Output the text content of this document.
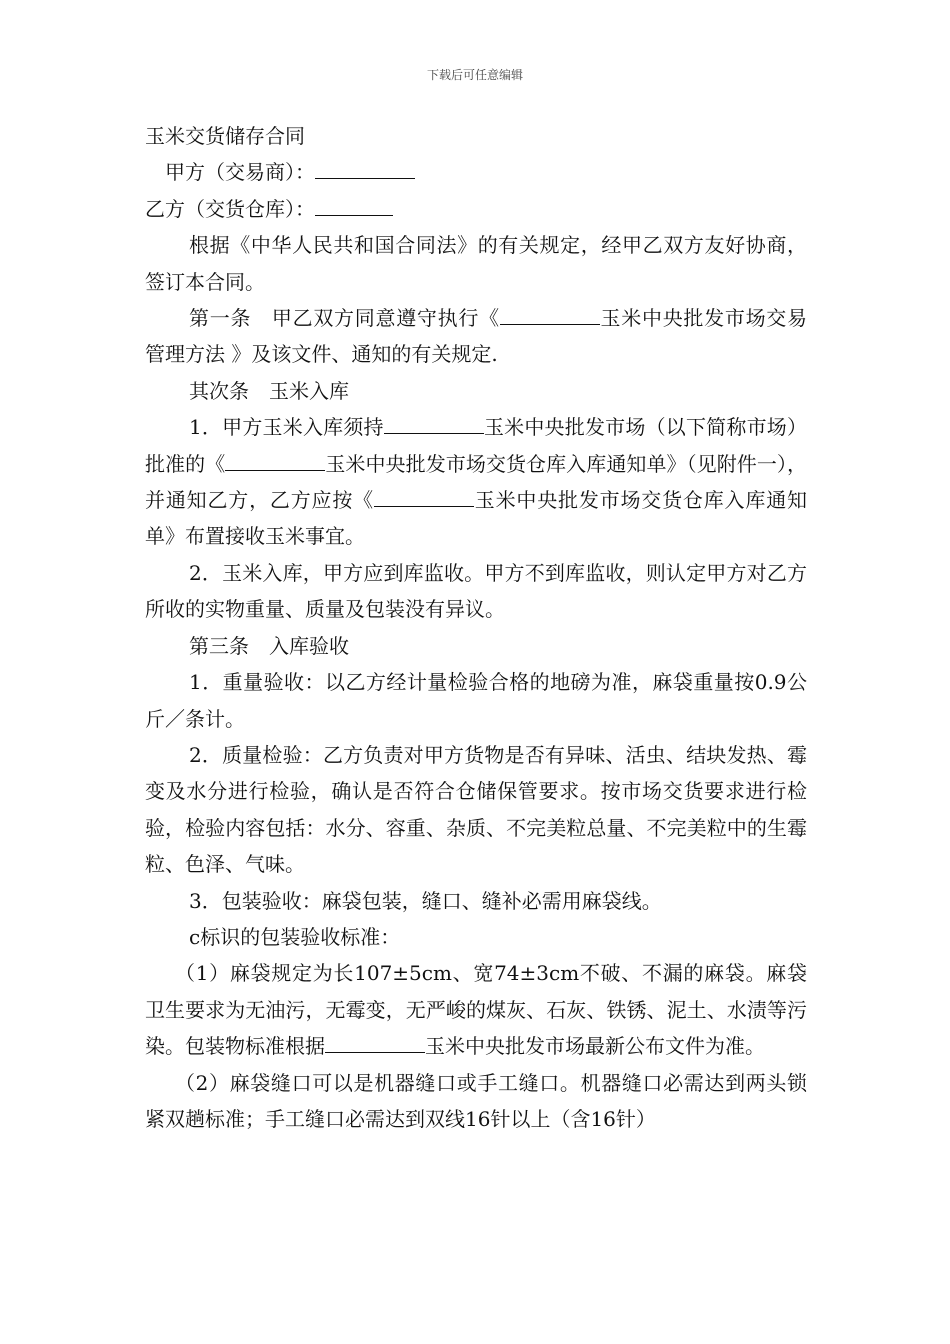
下载后可任意编辑

玉米交货储存合同

甲方（交易商）：

乙方（交货仓库）：

根据《中华人民共和国合同法》的有关规定，经甲乙双方友好协商，签订本合同。

第一条　甲乙双方同意遵守执行《	玉米中央批发市场交易管理方法 》及该文件、通知的有关规定.

其次条　玉米入库

1．甲方玉米入库须持	玉米中央批发市场（以下简称市场）批准的《	玉米中央批发市场交货仓库入库通知单》（见附件一），并通知乙方，乙方应按《	玉米中央批发市场交货仓库入库通知单》布置接收玉米事宜。

2．玉米入库，甲方应到库监收。甲方不到库监收，则认定甲方对乙方所收的实物重量、质量及包装没有异议。

第三条　入库验收

1．重量验收：以乙方经计量检验合格的地磅为准，麻袋重量按0.9公斤／条计。

2．质量检验：乙方负责对甲方货物是否有异味、活虫、结块发热、霉变及水分进行检验，确认是否符合仓储保管要求。按市场交货要求进行检验，检验内容包括：水分、容重、杂质、不完美粒总量、不完美粒中的生霉粒、色泽、气味。

3．包装验收：麻袋包装，缝口、缝补必需用麻袋线。

c标识的包装验收标准：

（1）麻袋规定为长107±5cm、宽74±3cm不破、不漏的麻袋。麻袋卫生要求为无油污，无霉变，无严峻的煤灰、石灰、铁锈、泥土、水渍等污染。包装物标准根据	玉米中央批发市场最新公布文件为准。

（2）麻袋缝口可以是机器缝口或手工缝口。机器缝口必需达到两头锁紧双趟标准；手工缝口必需达到双线16针以上（含16针）
